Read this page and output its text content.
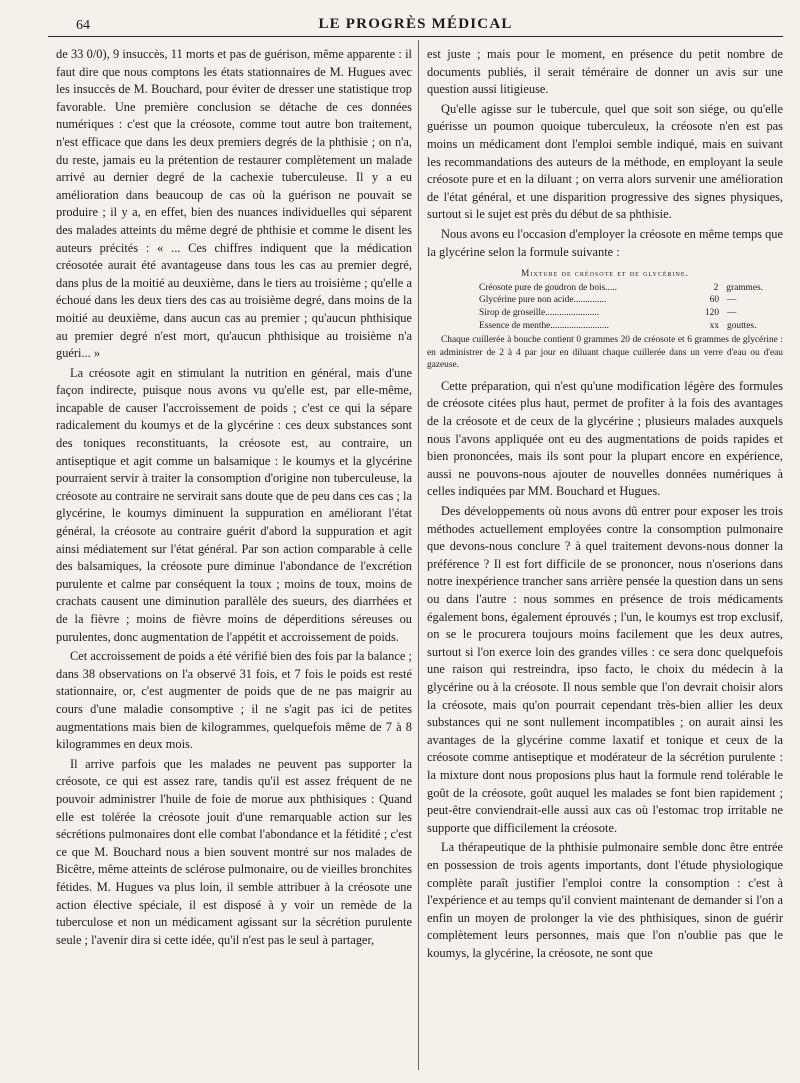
64	LE PROGRÈS MÉDICAL

de 33 0/0), 9 insuccès, 11 morts et pas de guérison, même apparente : il faut dire que nous comptons les états stationnaires de M. Hugues avec les insuccès de M. Bouchard, pour éviter de dresser une statistique trop favorable. Une première conclusion se détache de ces données numériques : c'est que la créosote, comme tout autre bon traitement, n'est efficace que dans les deux premiers degrés de la phthisie ; on n'a, du reste, jamais eu la prétention de restaurer complètement un malade arrivé au dernier degré de la cachexie tuberculeuse. Il y a eu amélioration dans beaucoup de cas où la guérison ne pouvait se produire ; il y a, en effet, bien des nuances individuelles qui séparent des malades atteints du même degré de phthisie et comme le disent les auteurs précités : « ... Ces chiffres indiquent que la médication créosotée aurait été avantageuse dans tous les cas au premier degré, dans plus de la moitié au deuxième, dans le tiers au troisième ; qu'elle a échoué dans les deux tiers des cas au troisième degré, dans moins de la moitié au deuxième, dans aucun cas au premier ; qu'aucun phthisique au premier degré n'est mort, qu'aucun phthisique au troisième n'a guéri... »

La créosote agit en stimulant la nutrition en général, mais d'une façon indirecte, puisque nous avons vu qu'elle est, par elle-même, incapable de causer l'accroissement de poids ; c'est ce qui la sépare radicalement du koumys et de la glycérine : ces deux substances sont des toniques reconstituants, la créosote est, au contraire, un antiseptique et agit comme un balsamique : le koumys et la glycérine pourraient servir à traiter la consomption d'origine non tuberculeuse, la créosote au contraire ne servirait sans doute que de peu dans ces cas ; la glycérine, le koumys diminuent la suppuration en améliorant l'état général, la créosote au contraire guérit d'abord la suppuration et agit ainsi médiatement sur l'état général. Par son action comparable à celle des balsamiques, la créosote pure diminue l'abondance de l'excrétion purulente et calme par conséquent la toux ; moins de toux, moins de crachats causent une diminution parallèle des sueurs, des diarrhées et de la fièvre ; moins de fièvre moins de déperditions séreuses ou purulentes, donc augmentation de l'appétit et accroissement de poids.

Cet accroissement de poids a été vérifié bien des fois par la balance ; dans 38 observations on l'a observé 31 fois, et 7 fois le poids est resté stationnaire, or, c'est augmenter de poids que de ne pas maigrir au cours d'une maladie consomptive ; il ne s'agit pas ici de petites augmentations mais bien de kilogrammes, quelquefois même de 7 à 8 kilogrammes en deux mois.

Il arrive parfois que les malades ne peuvent pas supporter la créosote, ce qui est assez rare, tandis qu'il est assez fréquent de ne pouvoir administrer l'huile de foie de morue aux phthisiques : Quand elle est tolérée la créosote jouit d'une remarquable action sur les sécrétions pulmonaires dont elle combat l'abondance et la fétidité ; c'est ce que M. Bouchard nous a bien souvent montré sur nos malades de Bicêtre, même atteints de sclérose pulmonaire, ou de vieilles bronchites fétides. M. Hugues va plus loin, il semble attribuer à la créosote une action élective spéciale, il est disposé à y voir un remède de la tuberculose et non un médicament agissant sur la sécrétion purulente seule ; l'avenir dira si cette idée, qu'il n'est pas le seul à partager,

est juste ; mais pour le moment, en présence du petit nombre de documents publiés, il serait téméraire de donner un avis sur une question aussi litigieuse.

Qu'elle agisse sur le tubercule, quel que soit son siége, ou qu'elle guérisse un poumon quoique tuberculeux, la créosote n'en est pas moins un médicament dont l'emploi semble indiqué, mais en suivant les recommandations des auteurs de la méthode, en employant la seule créosote pure et en la diluant ; on verra alors survenir une amélioration de l'état général, et une disparition progressive des signes physiques, surtout si le sujet est près du début de sa phthisie.

Nous avons eu l'occasion d'employer la créosote en même temps que la glycérine selon la formule suivante :

Mixture de créosote et de glycérine.
Créosote pure de goudron de bois.....	2 grammes.
Glycérine pure non acide..............	60 —
Sirop de groseille.......................	120 —
Essence de menthe.........................	xx gouttes.
Chaque cuillerée à bouche contient 0 grammes 20 de créosote et 6 grammes de glycérine : en administrer de 2 à 4 par jour en diluant chaque cuillerée dans un verre d'eau ou d'eau gazeuse.

Cette préparation, qui n'est qu'une modification légère des formules de créosote citées plus haut, permet de profiter à la fois des avantages de la créosote et de ceux de la glycérine ; plusieurs malades auxquels nous l'avons appliquée ont eu des augmentations de poids rapides et bien prononcées, mais ils sont pour la plupart encore en expérience, aussi ne pouvons-nous ajouter de nouvelles données numériques à celles indiquées par MM. Bouchard et Hugues.

Des développements où nous avons dû entrer pour exposer les trois méthodes actuellement employées contre la consomption pulmonaire que devons-nous conclure ? à quel traitement devons-nous donner la préférence ? Il est fort difficile de se prononcer, nous n'oserions dans notre inexpérience trancher sans arrière pensée la question dans un sens ou dans l'autre : nous sommes en présence de trois médicaments également bons, également éprouvés ; l'un, le koumys est trop exclusif, on se le procurera toujours moins facilement que les deux autres, surtout si l'on exerce loin des grandes villes : ce sera donc quelquefois une raison qui restreindra, ipso facto, le choix du médecin à la glycérine ou à la créosote. Il nous semble que l'on devrait choisir alors la créosote, mais qu'on pourrait cependant très-bien allier les deux substances qui ne sont nullement incompatibles ; on aurait ainsi les avantages de la glycérine comme laxatif et tonique et ceux de la créosote comme antiseptique et modérateur de la sécrétion purulente : la mixture dont nous proposions plus haut la formule rend tolérable le goût de la créosote, goût auquel les malades se font bien rapidement ; peut-être conviendrait-elle aussi aux cas où l'estomac trop irritable ne supporte que difficilement la créosote.

La thérapeutique de la phthisie pulmonaire semble donc être entrée en possession de trois agents importants, dont l'étude physiologique complète paraît justifier l'emploi contre la consomption : c'est à l'expérience et au temps qu'il convient maintenant de demander si l'on a enfin un moyen de prolonger la vie des phthisiques, sinon de guérir complètement leurs personnes, mais que l'on n'oublie pas que le koumys, la glycérine, la créosote, ne sont que
